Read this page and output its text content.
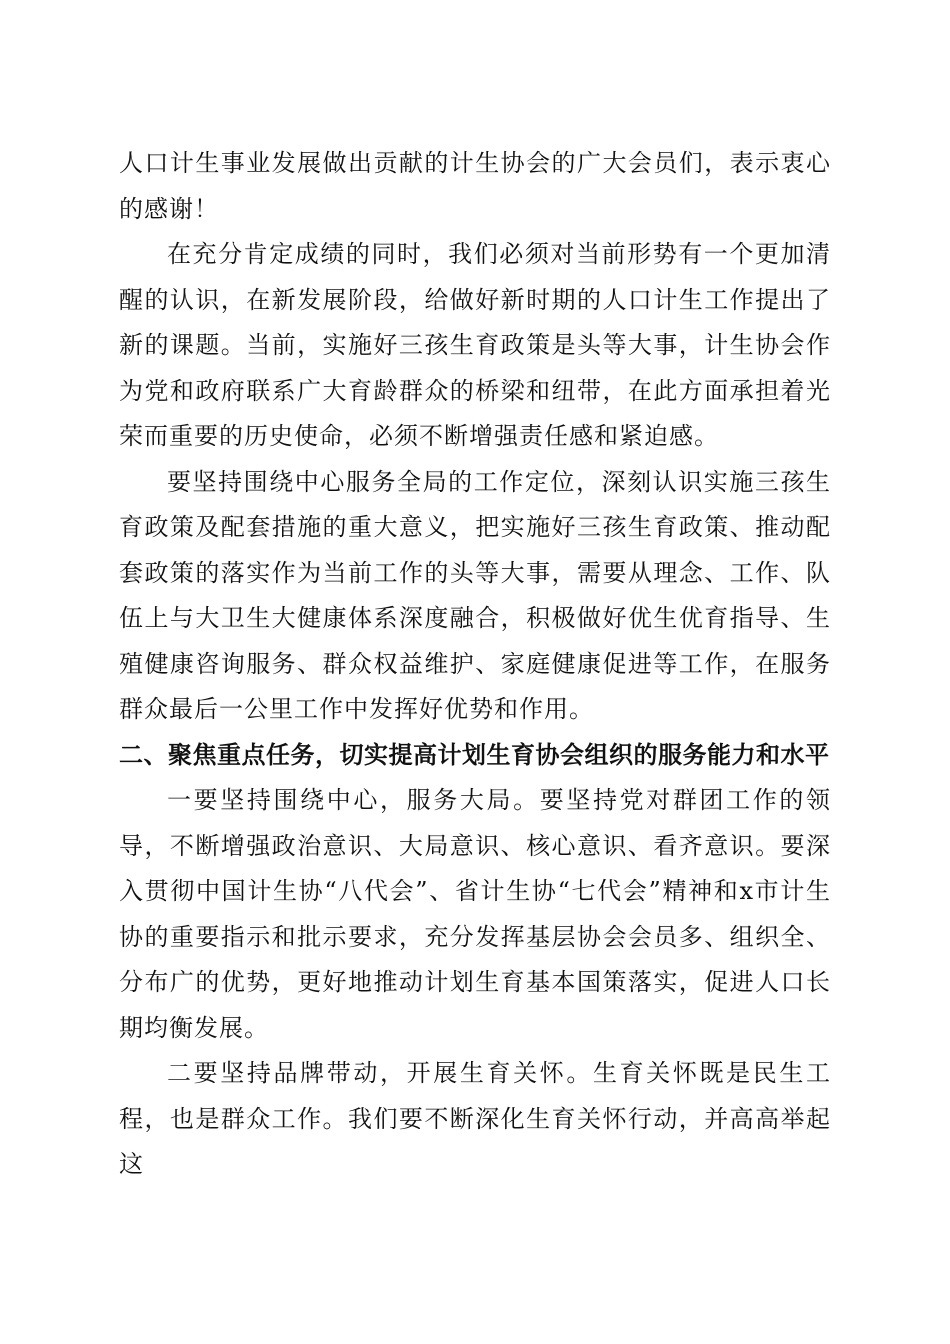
人口计生事业发展做出贡献的计生协会的广大会员们，表示衷心的感谢！

在充分肯定成绩的同时，我们必须对当前形势有一个更加清醒的认识，在新发展阶段，给做好新时期的人口计生工作提出了新的课题。当前，实施好三孩生育政策是头等大事，计生协会作为党和政府联系广大育龄群众的桥梁和纽带，在此方面承担着光荣而重要的历史使命，必须不断增强责任感和紧迫感。

要坚持围绕中心服务全局的工作定位，深刻认识实施三孩生育政策及配套措施的重大意义，把实施好三孩生育政策、推动配套政策的落实作为当前工作的头等大事，需要从理念、工作、队伍上与大卫生大健康体系深度融合，积极做好优生优育指导、生殖健康咨询服务、群众权益维护、家庭健康促进等工作，在服务群众最后一公里工作中发挥好优势和作用。

二、聚焦重点任务，切实提高计划生育协会组织的服务能力和水平

一要坚持围绕中心，服务大局。要坚持党对群团工作的领导，不断增强政治意识、大局意识、核心意识、看齐意识。要深入贯彻中国计生协“八代会”、省计生协“七代会”精神和x市计生协的重要指示和批示要求，充分发挥基层协会会员多、组织全、分布广的优势，更好地推动计划生育基本国策落实，促进人口长期均衡发展。

二要坚持品牌带动，开展生育关怀。生育关怀既是民生工程，也是群众工作。我们要不断深化生育关怀行动，并高高举起这
